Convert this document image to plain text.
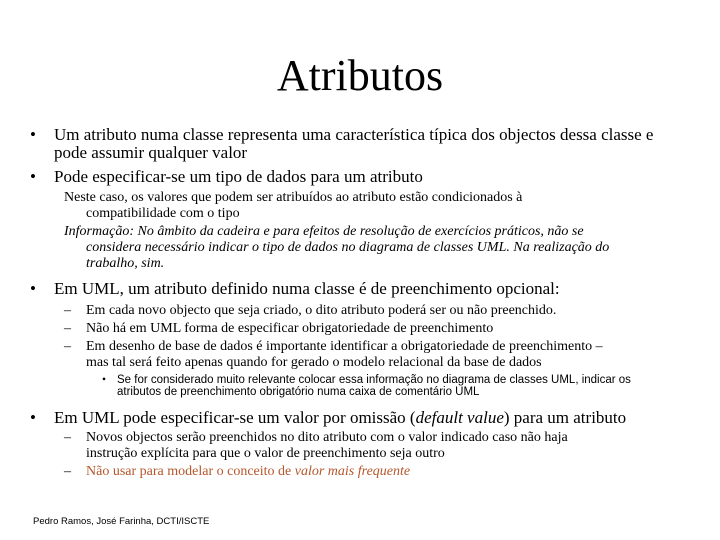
Atributos
• Um atributo numa classe representa uma característica típica dos objectos dessa classe e
pode assumir qualquer valor
• Pode especificar-se um tipo de dados para um atributo
Neste caso, os valores que podem ser atribuídos ao atributo estão condicionados à
compatibilidade com o tipo
Informação: No âmbito da cadeira e para efeitos de resolução de exercícios práticos, não se
considera necessário indicar o tipo de dados no diagrama de classes UML. Na realização do
trabalho, sim.
• Em UML, um atributo definido numa classe é de preenchimento opcional:
– Em cada novo objecto que seja criado, o dito atributo poderá ser ou não preenchido.
– Não há em UML forma de especificar obrigatoriedade de preenchimento
– Em desenho de base de dados é importante identificar a obrigatoriedade de preenchimento –
mas tal será feito apenas quando for gerado o modelo relacional da base de dados
• Se for considerado muito relevante colocar essa informação no diagrama de classes UML, indicar os
atributos de preenchimento obrigatório numa caixa de comentário UML
• Em UML pode especificar-se um valor por omissão (default value) para um atributo
– Novos objectos serão preenchidos no dito atributo com o valor indicado caso não haja
instrução explícita para que o valor de preenchimento seja outro
– Não usar para modelar o conceito de valor mais frequente
Pedro Ramos, José Farinha, DCTI/ISCTE
